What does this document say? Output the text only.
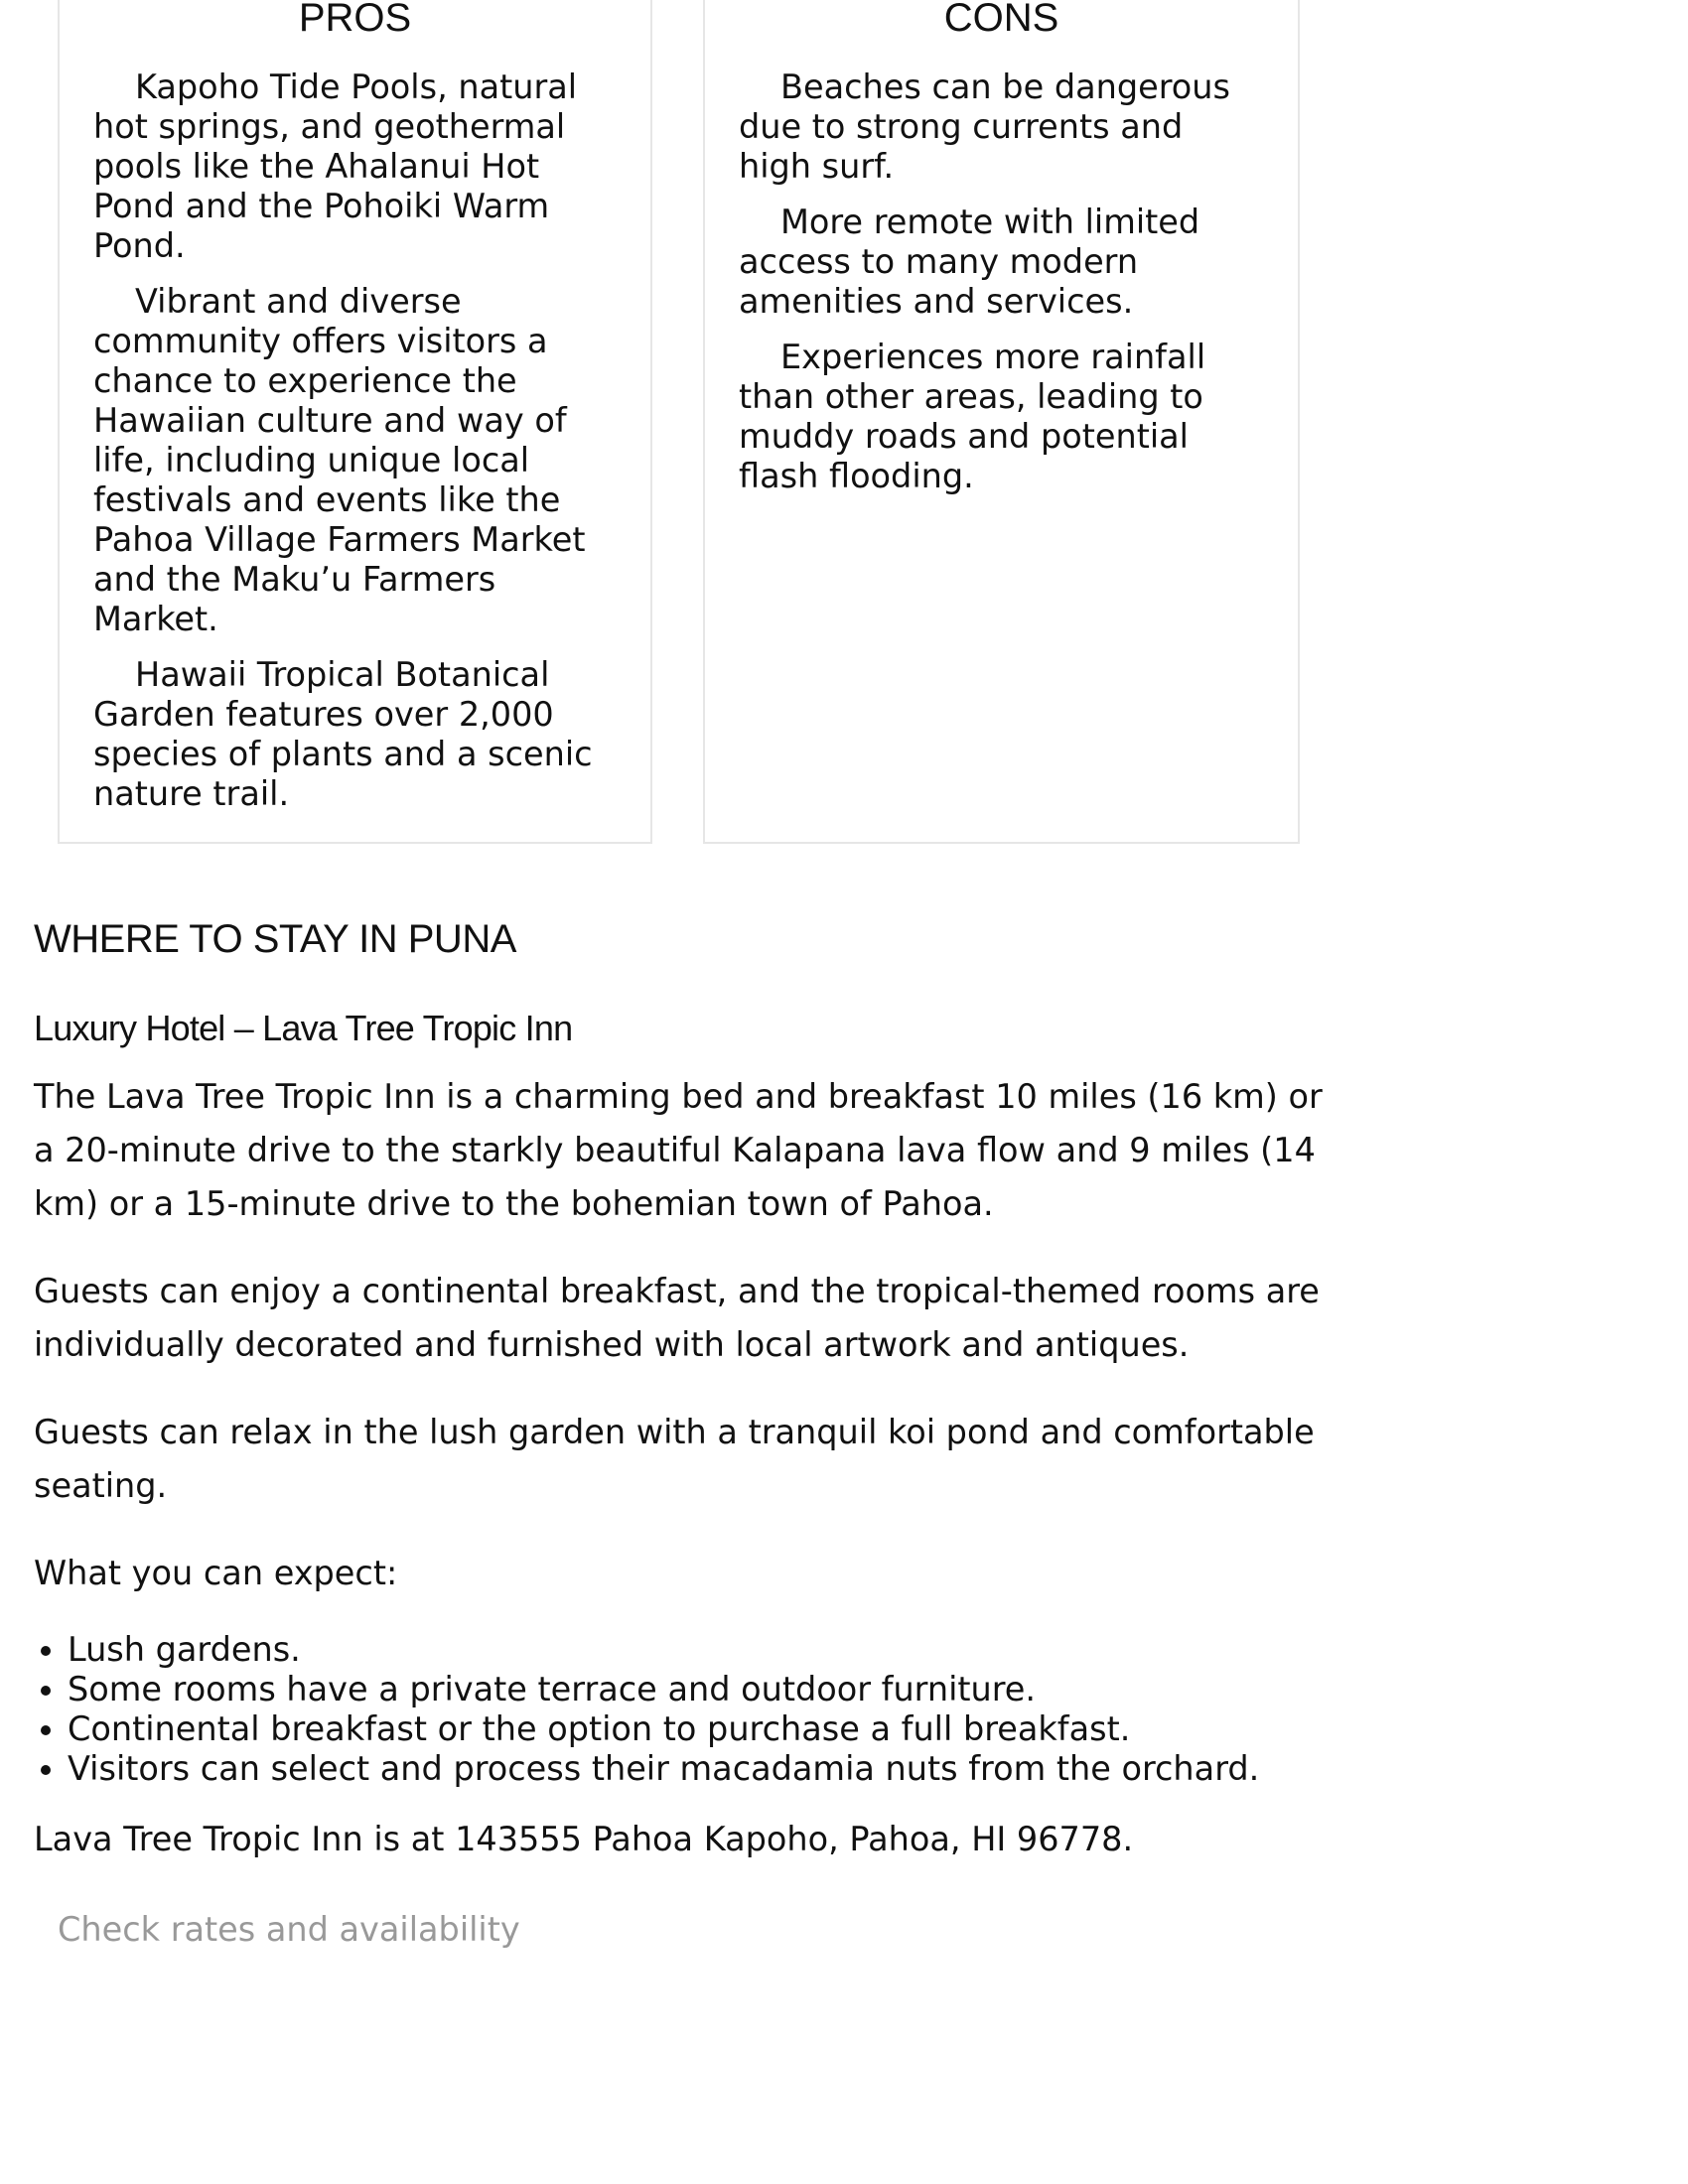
PROS

Kapoho Tide Pools, natural hot springs, and geothermal pools like the Ahalanui Hot Pond and the Pohoiki Warm Pond.

Vibrant and diverse community offers visitors a chance to experience the Hawaiian culture and way of life, including unique local festivals and events like the Pahoa Village Farmers Market and the Maku’u Farmers Market.

Hawaii Tropical Botanical Garden features over 2,000 species of plants and a scenic nature trail.

CONS

Beaches can be dangerous due to strong currents and high surf.

More remote with limited access to many modern amenities and services.

Experiences more rainfall than other areas, leading to muddy roads and potential flash flooding.

WHERE TO STAY IN PUNA
Luxury Hotel – Lava Tree Tropic Inn

The Lava Tree Tropic Inn is a charming bed and breakfast 10 miles (16 km) or a 20-minute drive to the starkly beautiful Kalapana lava flow and 9 miles (14 km) or a 15-minute drive to the bohemian town of Pahoa.

Guests can enjoy a continental breakfast, and the tropical-themed rooms are individually decorated and furnished with local artwork and antiques.

Guests can relax in the lush garden with a tranquil koi pond and comfortable seating.

What you can expect:

• Lush gardens.
• Some rooms have a private terrace and outdoor furniture.
• Continental breakfast or the option to purchase a full breakfast.
• Visitors can select and process their macadamia nuts from the orchard.

Lava Tree Tropic Inn is at 143555 Pahoa Kapoho, Pahoa, HI 96778.

Check rates and availability
